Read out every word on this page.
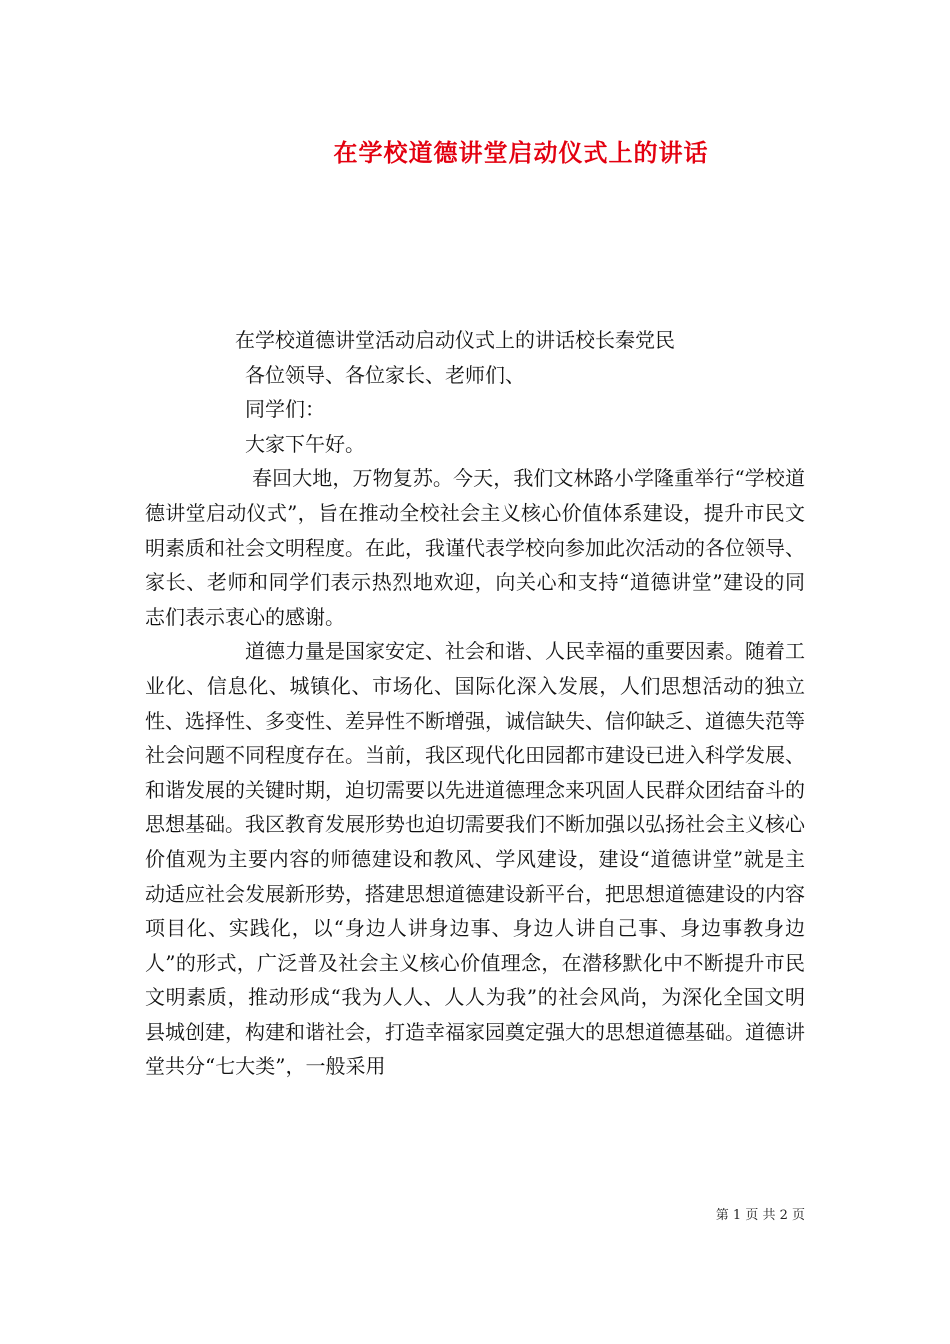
在学校道德讲堂启动仪式上的讲话

在学校道德讲堂活动启动仪式上的讲话校长秦党民

各位领导、各位家长、老师们、

同学们：

大家下午好。

春回大地，万物复苏。今天，我们文林路小学隆重举行“学校道德讲堂启动仪式”，旨在推动全校社会主义核心价值体系建设，提升市民文明素质和社会文明程度。在此，我谨代表学校向参加此次活动的各位领导、家长、老师和同学们表示热烈地欢迎，向关心和支持“道德讲堂”建设的同志们表示衷心的感谢。

道德力量是国家安定、社会和谐、人民幸福的重要因素。随着工业化、信息化、城镇化、市场化、国际化深入发展，人们思想活动的独立性、选择性、多变性、差异性不断增强，诚信缺失、信仰缺乏、道德失范等社会问题不同程度存在。当前，我区现代化田园都市建设已进入科学发展、和谐发展的关键时期，迫切需要以先进道德理念来巩固人民群众团结奋斗的思想基础。我区教育发展形势也迫切需要我们不断加强以弘扬社会主义核心价值观为主要内容的师德建设和教风、学风建设，建设“道德讲堂”就是主动适应社会发展新形势，搭建思想道德建设新平台，把思想道德建设的内容项目化、实践化，以“身边人讲身边事、身边人讲自己事、身边事教身边人”的形式，广泛普及社会主义核心价值理念，在潜移默化中不断提升市民文明素质，推动形成“我为人人、人人为我”的社会风尚，为深化全国文明县城创建，构建和谐社会，打造幸福家园奠定强大的思想道德基础。道德讲堂共分“七大类”，一般采用

第 1 页 共 2 页
